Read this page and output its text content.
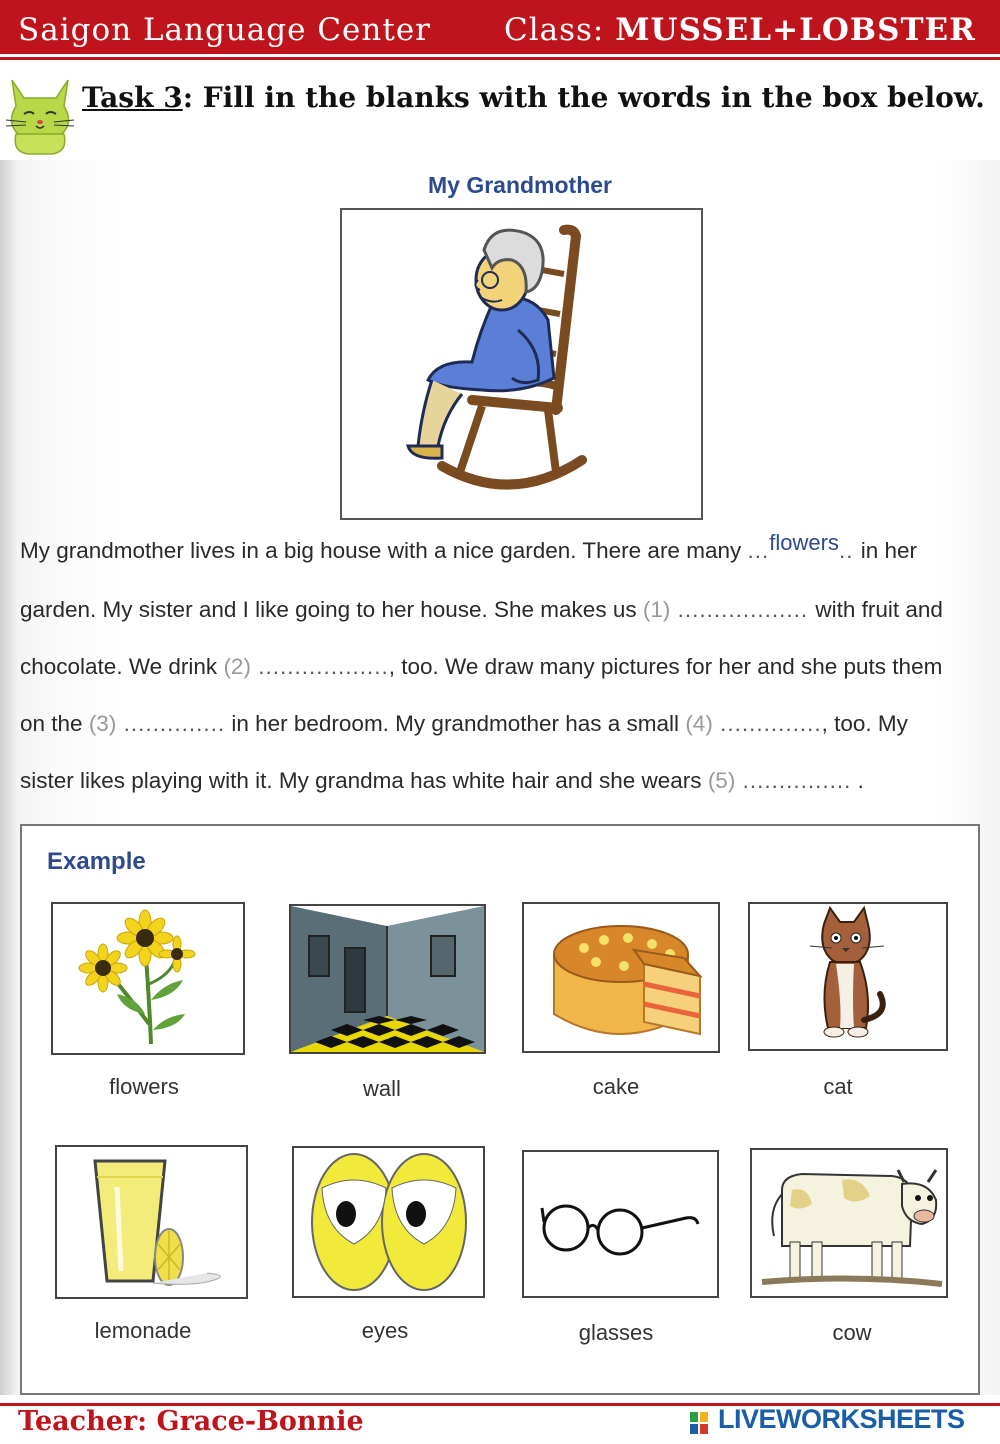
Saigon Language Center Class: MUSSEL+LOBSTER
Task 3: Fill in the blanks with the words in the box below.
My Grandmother
My grandmother lives in a big house with a nice garden. There are many ...flowers.. in her
garden. My sister and I like going to her house. She makes us (1) .................. with fruit and
chocolate. We drink (2) .................., too. We draw many pictures for her and she puts them
on the (3) .............. in her bedroom. My grandmother has a small (4) .............., too. My
sister likes playing with it. My grandma has white hair and she wears (5) ............... .
Example
flowers	wall	cake	cat
lemonade	eyes	glasses	cow
Teacher: Grace-Bonnie	LIVEWORKSHEETS
